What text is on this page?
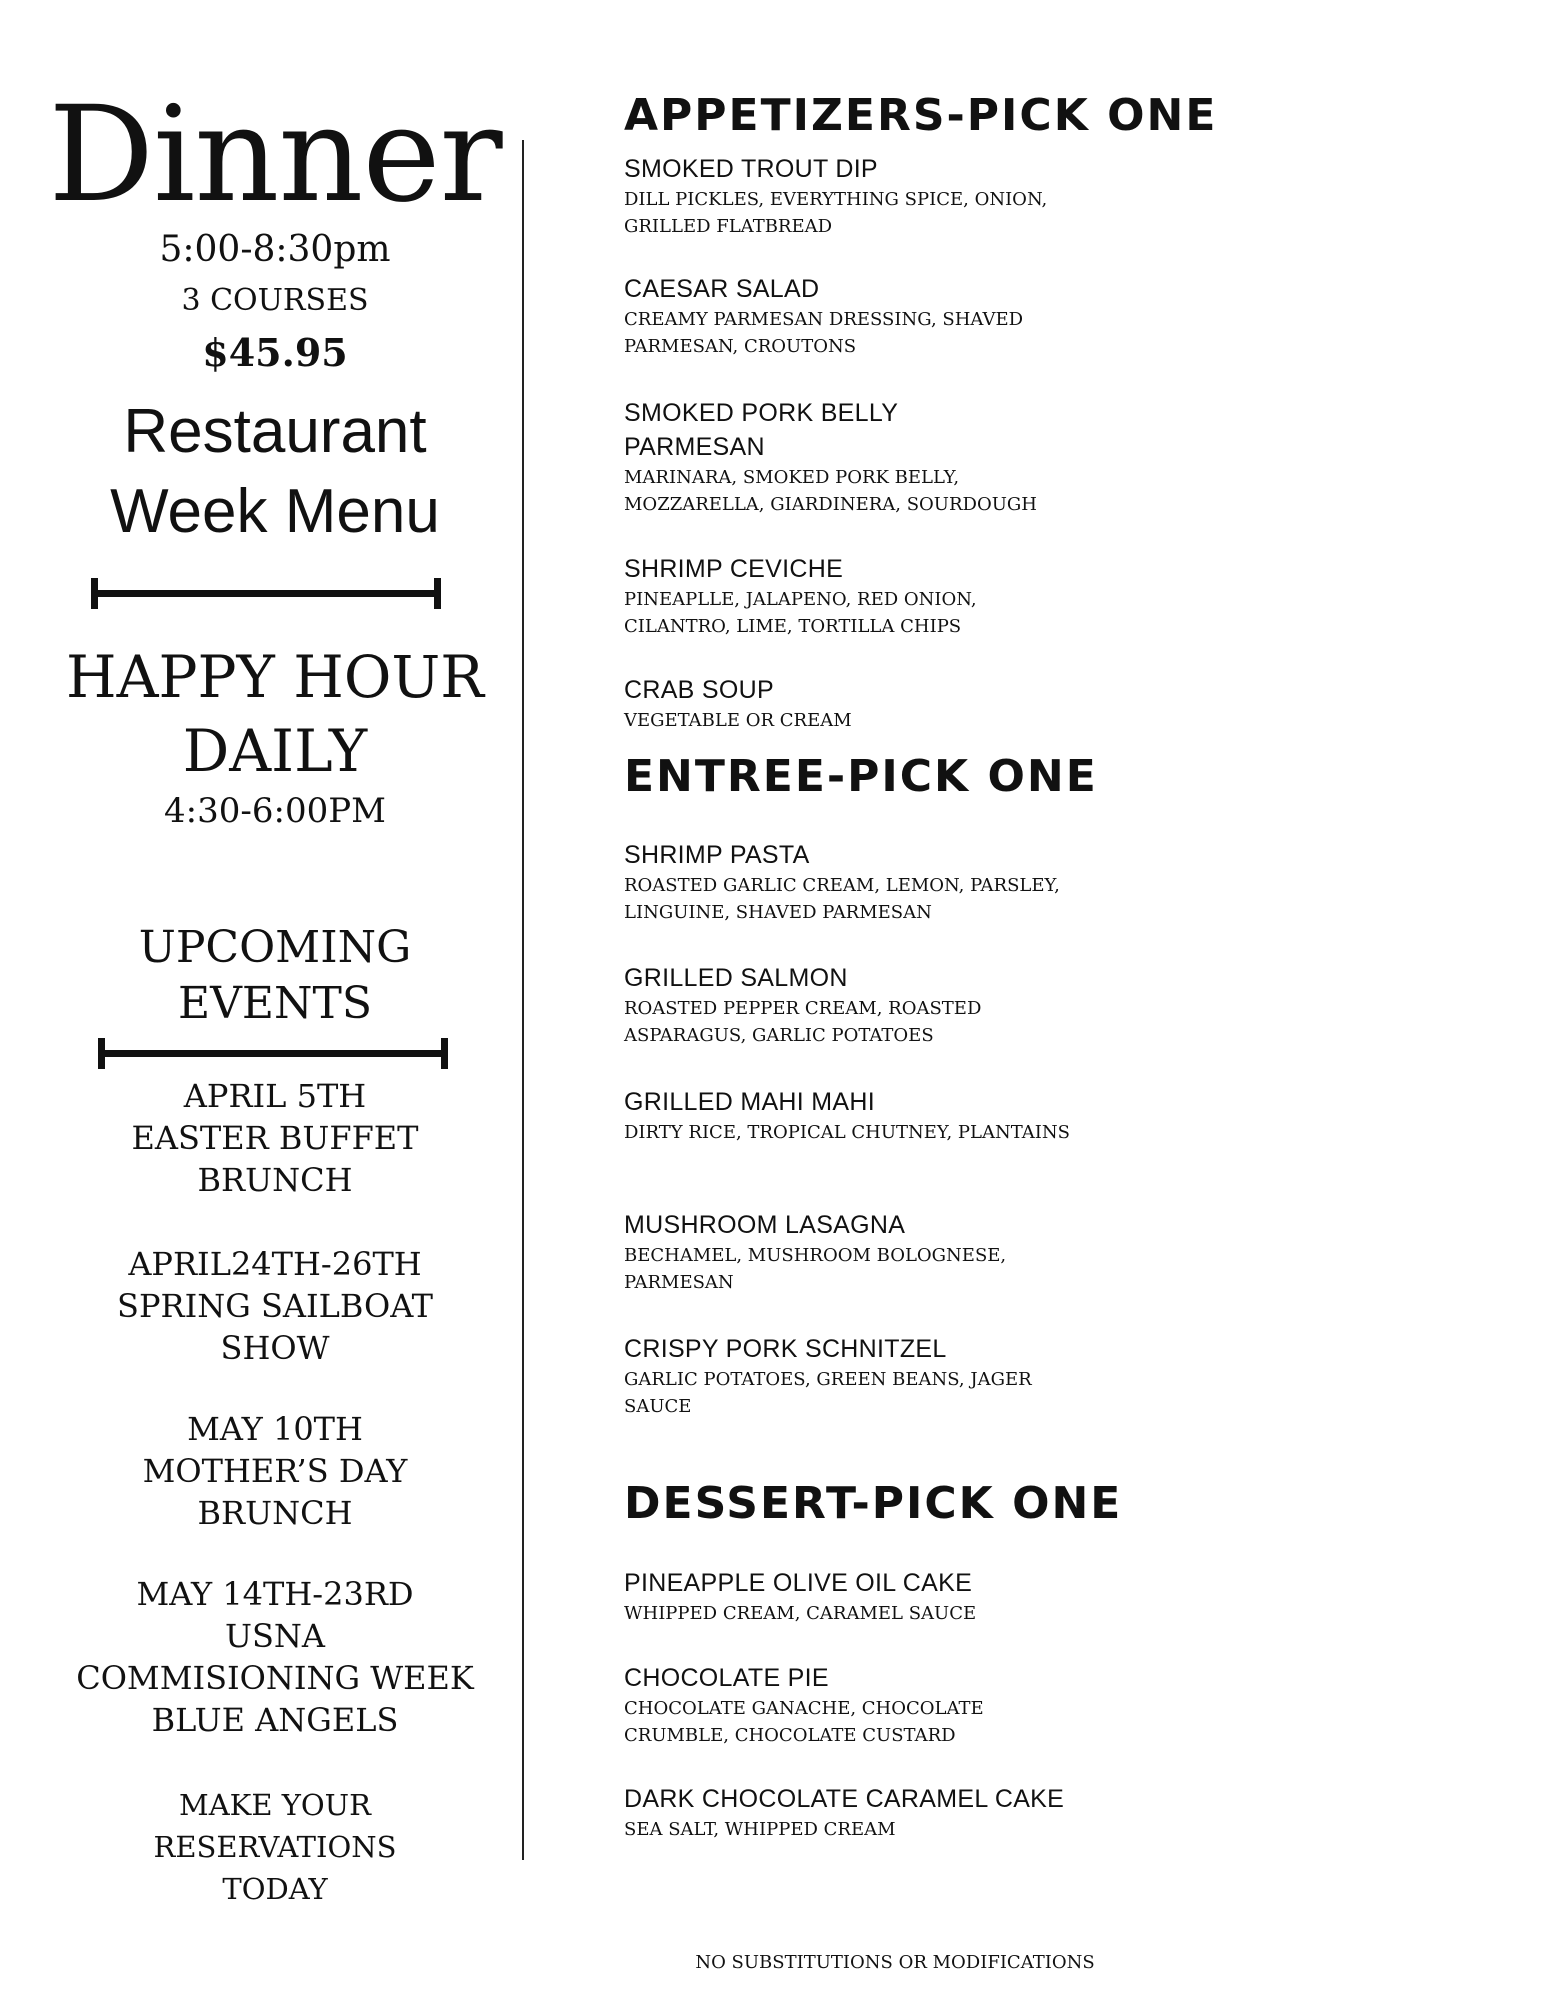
Dinner
5:00-8:30pm
3 COURSES
$45.95
Restaurant
Week Menu
HAPPY HOUR
DAILY
4:30-6:00PM
UPCOMING
EVENTS
APRIL 5TH
EASTER BUFFET
BRUNCH
APRIL24TH-26TH
SPRING SAILBOAT
SHOW
MAY 10TH
MOTHER’S DAY
BRUNCH
MAY 14TH-23RD
USNA
COMMISIONING WEEK
BLUE ANGELS
MAKE YOUR
RESERVATIONS
TODAY
APPETIZERS-PICK ONE
SMOKED TROUT DIP
DILL PICKLES, EVERYTHING SPICE, ONION, GRILLED FLATBREAD
CAESAR SALAD
CREAMY PARMESAN DRESSING, SHAVED PARMESAN, CROUTONS
SMOKED PORK BELLY PARMESAN
MARINARA, SMOKED PORK BELLY, MOZZARELLA, GIARDINERA, SOURDOUGH
SHRIMP CEVICHE
PINEAPLLE, JALAPENO, RED ONION, CILANTRO, LIME, TORTILLA CHIPS
CRAB SOUP
VEGETABLE OR CREAM
ENTREE-PICK ONE
SHRIMP PASTA
ROASTED GARLIC CREAM, LEMON, PARSLEY, LINGUINE, SHAVED PARMESAN
GRILLED SALMON
ROASTED PEPPER CREAM, ROASTED ASPARAGUS, GARLIC POTATOES
GRILLED MAHI MAHI
DIRTY RICE, TROPICAL CHUTNEY, PLANTAINS
MUSHROOM LASAGNA
BECHAMEL, MUSHROOM BOLOGNESE, PARMESAN
CRISPY PORK SCHNITZEL
GARLIC POTATOES, GREEN BEANS, JAGER SAUCE
DESSERT-PICK ONE
PINEAPPLE OLIVE OIL CAKE
WHIPPED CREAM, CARAMEL SAUCE
CHOCOLATE PIE
CHOCOLATE GANACHE, CHOCOLATE CRUMBLE, CHOCOLATE CUSTARD
DARK CHOCOLATE CARAMEL CAKE
SEA SALT, WHIPPED CREAM
NO SUBSTITUTIONS OR MODIFICATIONS
